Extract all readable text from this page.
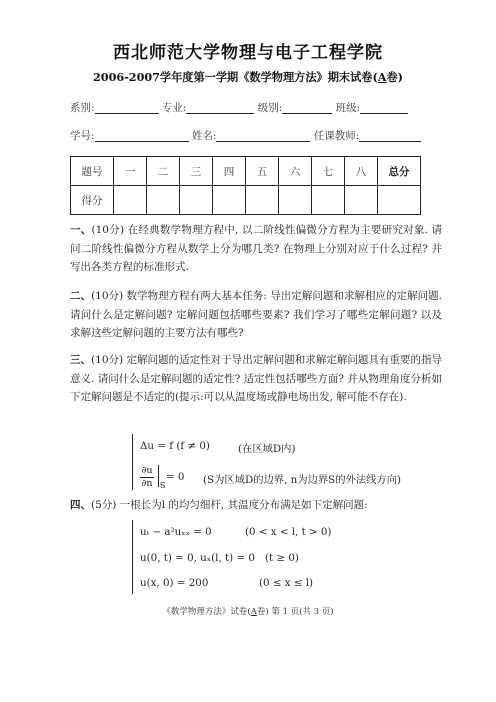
西北师范大学物理与电子工程学院
2006-2007学年度第一学期《数学物理方法》期末试卷(A卷)
系别:	专业:	级别:	班级:
学号:	姓名:	任课教师:
题号	一	二	三	四	五	六	七	八	总分
得分									
一、(10分) 在经典数学物理方程中, 以二阶线性偏微分方程为主要研究对象. 请问二阶线性偏微分方程从数学上分为哪几类? 在物理上分别对应于什么过程? 并写出各类方程的标准形式.
二、(10分) 数学物理方程有两大基本任务: 导出定解问题和求解相应的定解问题. 请问什么是定解问题? 定解问题包括哪些要素? 我们学习了哪些定解问题? 以及求解这些定解问题的主要方法有哪些?
三、(10分) 定解问题的适定性对于导出定解问题和求解定解问题具有重要的指导意义. 请问什么是定解问题的适定性? 适定性包括哪些方面? 并从物理角度分析如下定解问题是不适定的(提示:可以从温度场或静电场出发, 解可能不存在).
Δu = f (f ≠ 0)	(在区域D内)
∂u
∂n S
= 0 (S为区域D的边界, n为边界S的外法线方向)
四、(5分) 一根长为l 的均匀细杆, 其温度分布满足如下定解问题:
uₜ − a²uₓₓ = 0	(0 < x < l, t > 0)
u(0, t) = 0, uₓ(l, t) = 0 (t ≥ 0)
u(x, 0) = 200	(0 ≤ x ≤ l)
《数学物理方法》试卷(A卷) 第 1 页(共 3 页)
